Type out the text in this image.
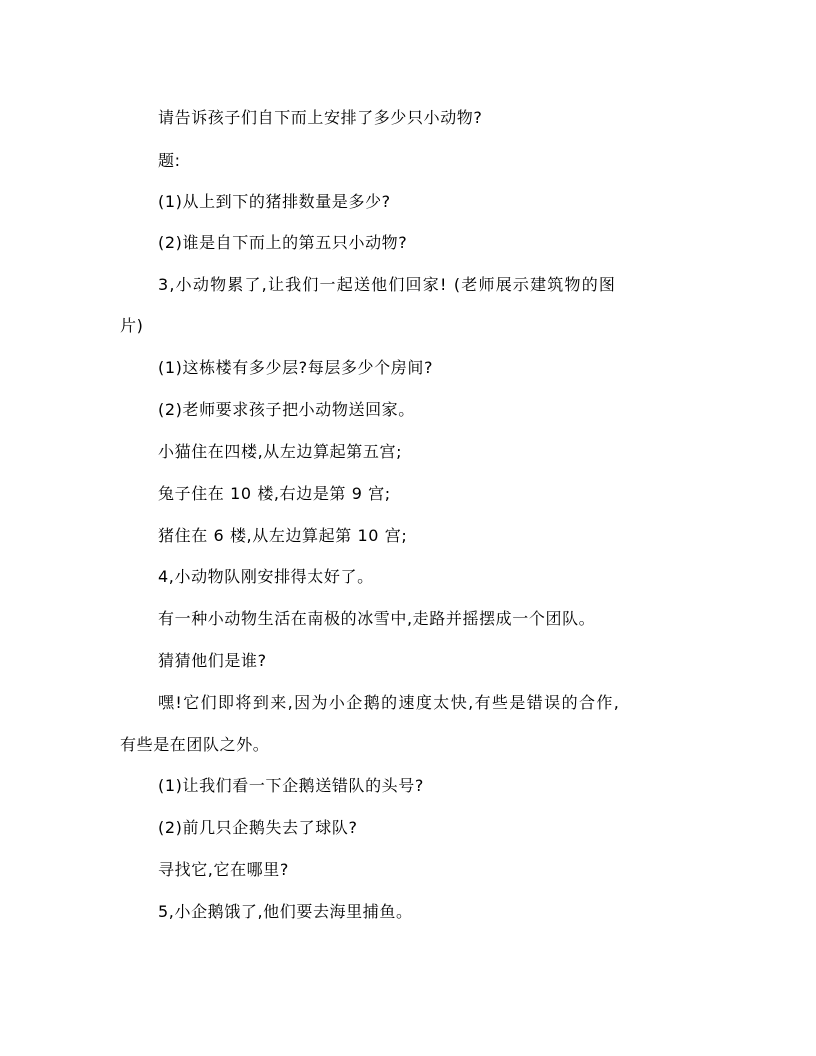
请告诉孩子们自下而上安排了多少只小动物?
题:
(1)从上到下的猪排数量是多少?
(2)谁是自下而上的第五只小动物?
3,小动物累了,让我们一起送他们回家! (老师展示建筑物的图
片)
(1)这栋楼有多少层?每层多少个房间?
(2)老师要求孩子把小动物送回家。
小猫住在四楼,从左边算起第五宫;
兔子住在 10 楼,右边是第 9 宫;
猪住在 6 楼,从左边算起第 10 宫;
4,小动物队刚安排得太好了。
有一种小动物生活在南极的冰雪中,走路并摇摆成一个团队。
猜猜他们是谁?
嘿!它们即将到来,因为小企鹅的速度太快,有些是错误的合作,
有些是在团队之外。
(1)让我们看一下企鹅送错队的头号?
(2)前几只企鹅失去了球队?
寻找它,它在哪里?
5,小企鹅饿了,他们要去海里捕鱼。
